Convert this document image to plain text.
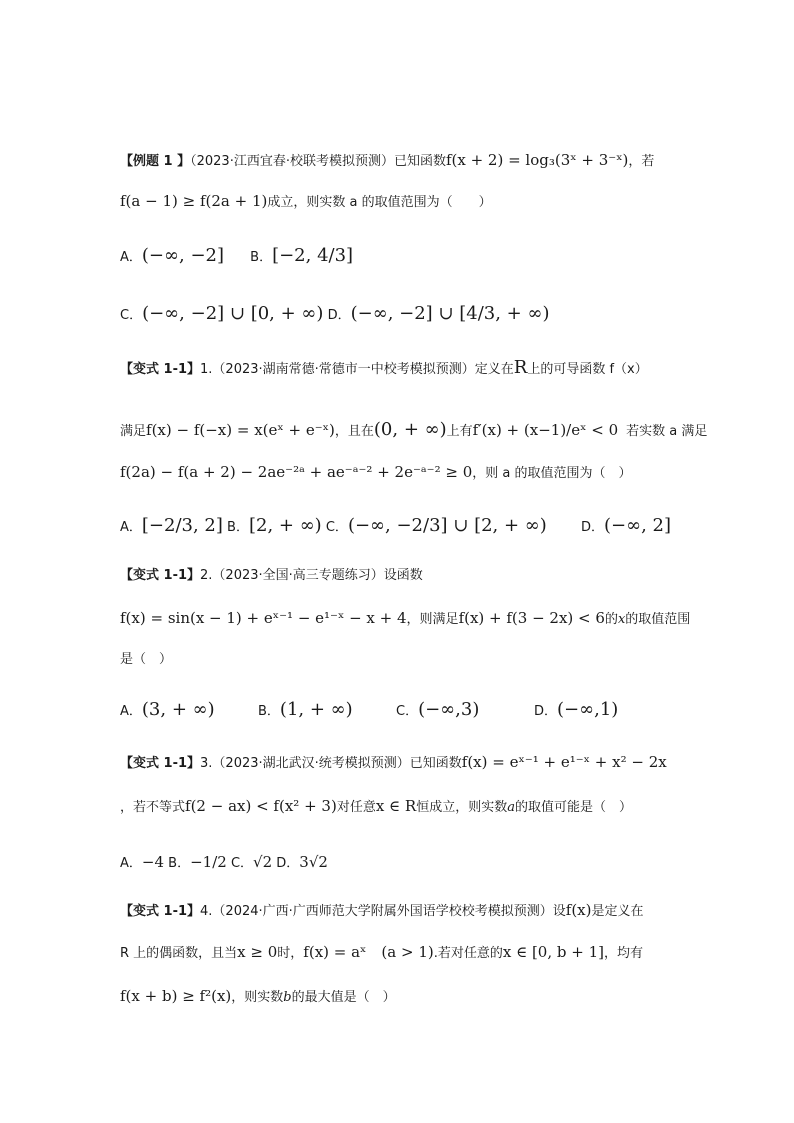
【例题 1 】（2023·江西宜春·校联考模拟预测）已知函数f(x + 2) = log₃(3ˣ + 3⁻ˣ)，若
f(a − 1) ≥ f(2a + 1)成立，则实数 a 的取值范围为（　　）
A．(−∞, −2] B．[−2, 4/3]
C．(−∞, −2] ∪ [0, + ∞) D．(−∞, −2] ∪ [4/3, + ∞)
【变式 1-1】1.（2023·湖南常德·常德市一中校考模拟预测）定义在R上的可导函数 f（x）
满足f(x) − f(−x) = x(eˣ + e⁻ˣ)，且在(0, + ∞)上有f′(x) + (x−1)/eˣ < 0 若实数 a 满足
f(2a) − f(a + 2) − 2ae⁻²ᵃ + ae⁻ᵃ⁻² + 2e⁻ᵃ⁻² ≥ 0，则 a 的取值范围为（　）
A．[−2/3, 2] B．[2, + ∞) C．(−∞, −2/3] ∪ [2, + ∞)	D．(−∞, 2]
【变式 1-1】2.（2023·全国·高三专题练习）设函数
f(x) = sin(x − 1) + eˣ⁻¹ − e¹⁻ˣ − x + 4，则满足f(x) + f(3 − 2x) < 6的x的取值范围
是（　）
A．(3, + ∞)	B．(1, + ∞)	C．(−∞,3)	D．(−∞,1)
【变式 1-1】3.（2023·湖北武汉·统考模拟预测）已知函数f(x) = eˣ⁻¹ + e¹⁻ˣ + x² − 2x
，若不等式f(2 − ax) < f(x² + 3)对任意x ∈ R恒成立，则实数a的取值可能是（　）
A．−4 B．−1/2 C．√2 D．3√2
【变式 1-1】4.（2024·广西·广西师范大学附属外国语学校校考模拟预测）设f(x)是定义在
R 上的偶函数，且当x ≥ 0时，f(x) = aˣ　(a > 1).若对任意的x ∈ [0, b + 1]，均有
f(x + b) ≥ f²(x)，则实数b的最大值是（　）
